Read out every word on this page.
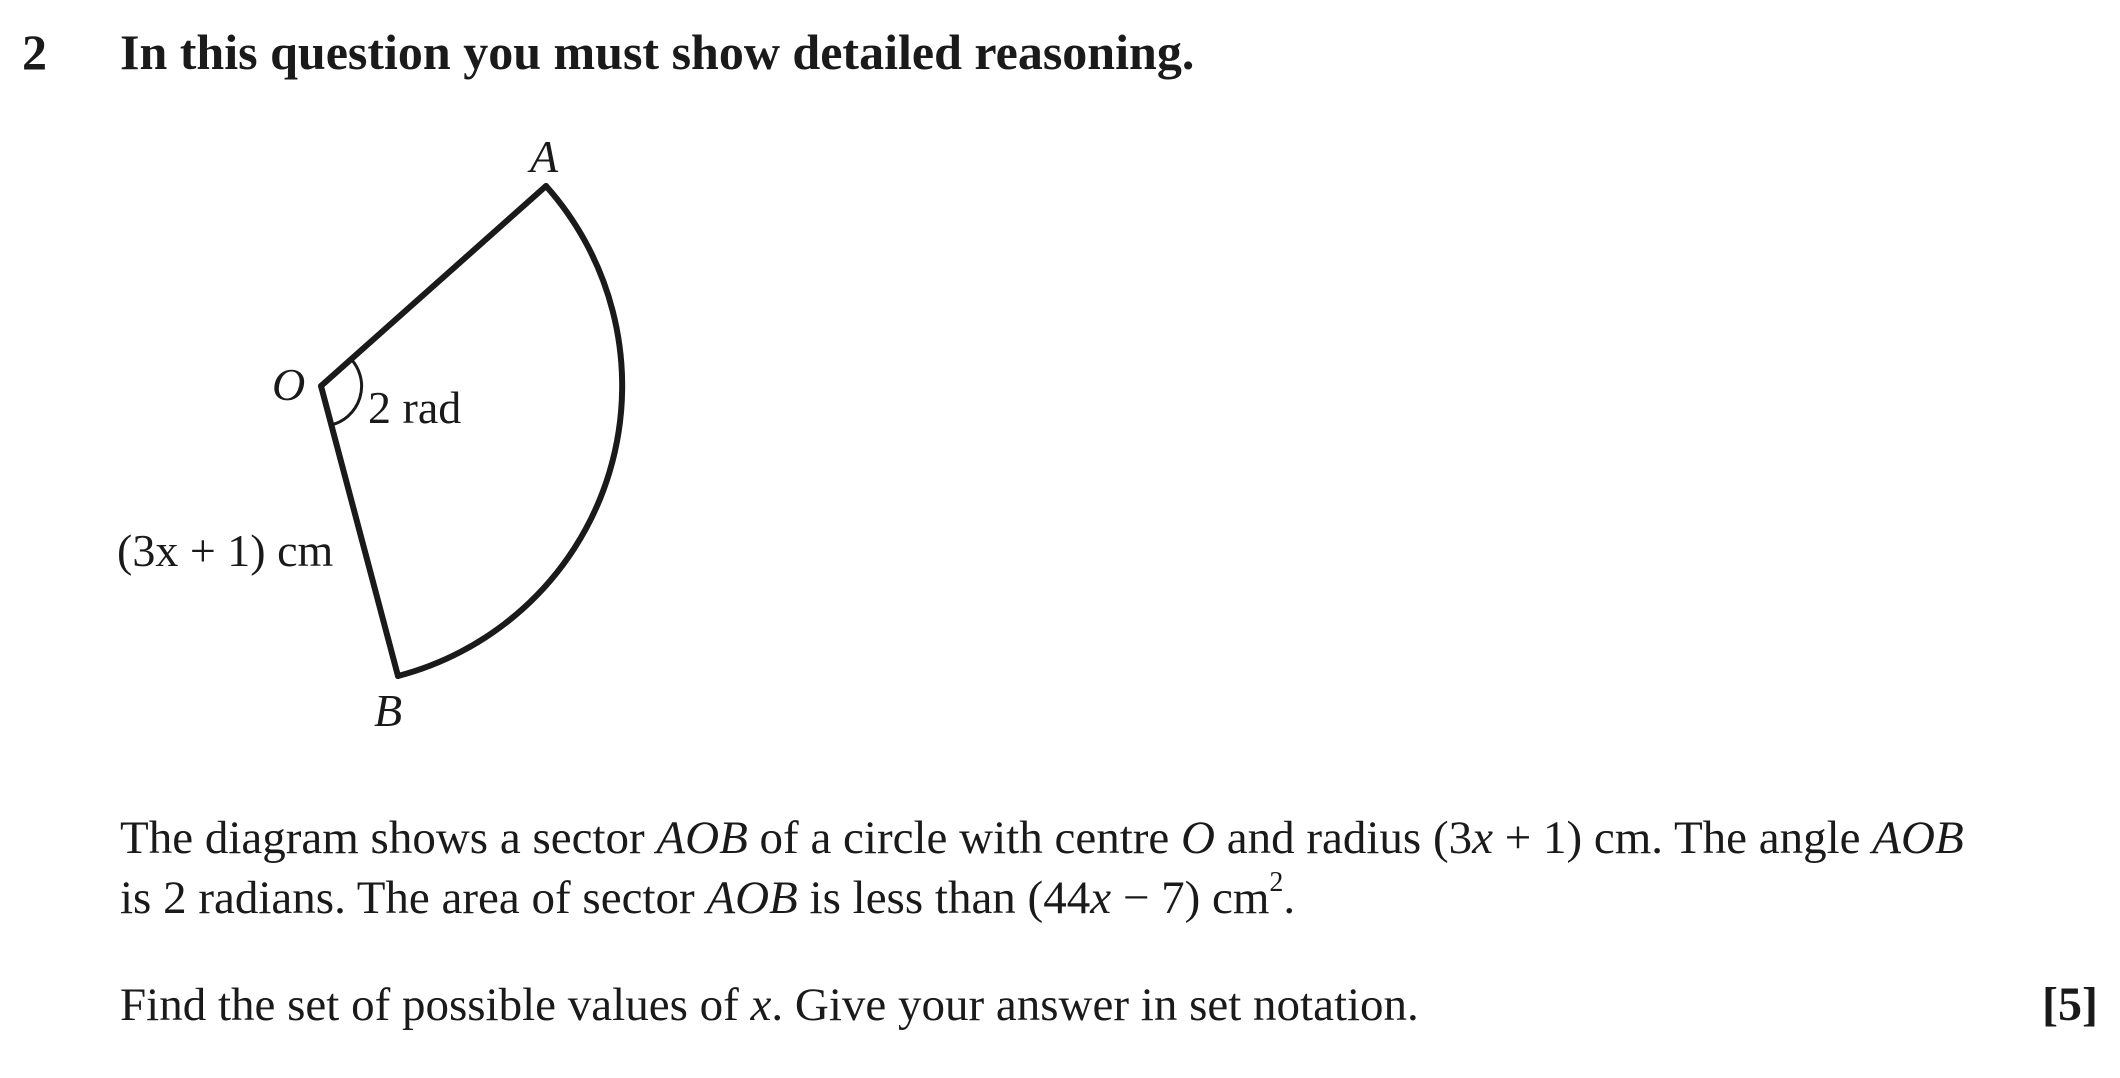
2 In this question you must show detailed reasoning.
A
O
B
2 rad
(3x + 1) cm
The diagram shows a sector AOB of a circle with centre O and radius (3x + 1) cm. The angle AOB
is 2 radians. The area of sector AOB is less than (44x − 7) $cm^2$.
Find the set of possible values of x. Give your answer in set notation.	[5]
